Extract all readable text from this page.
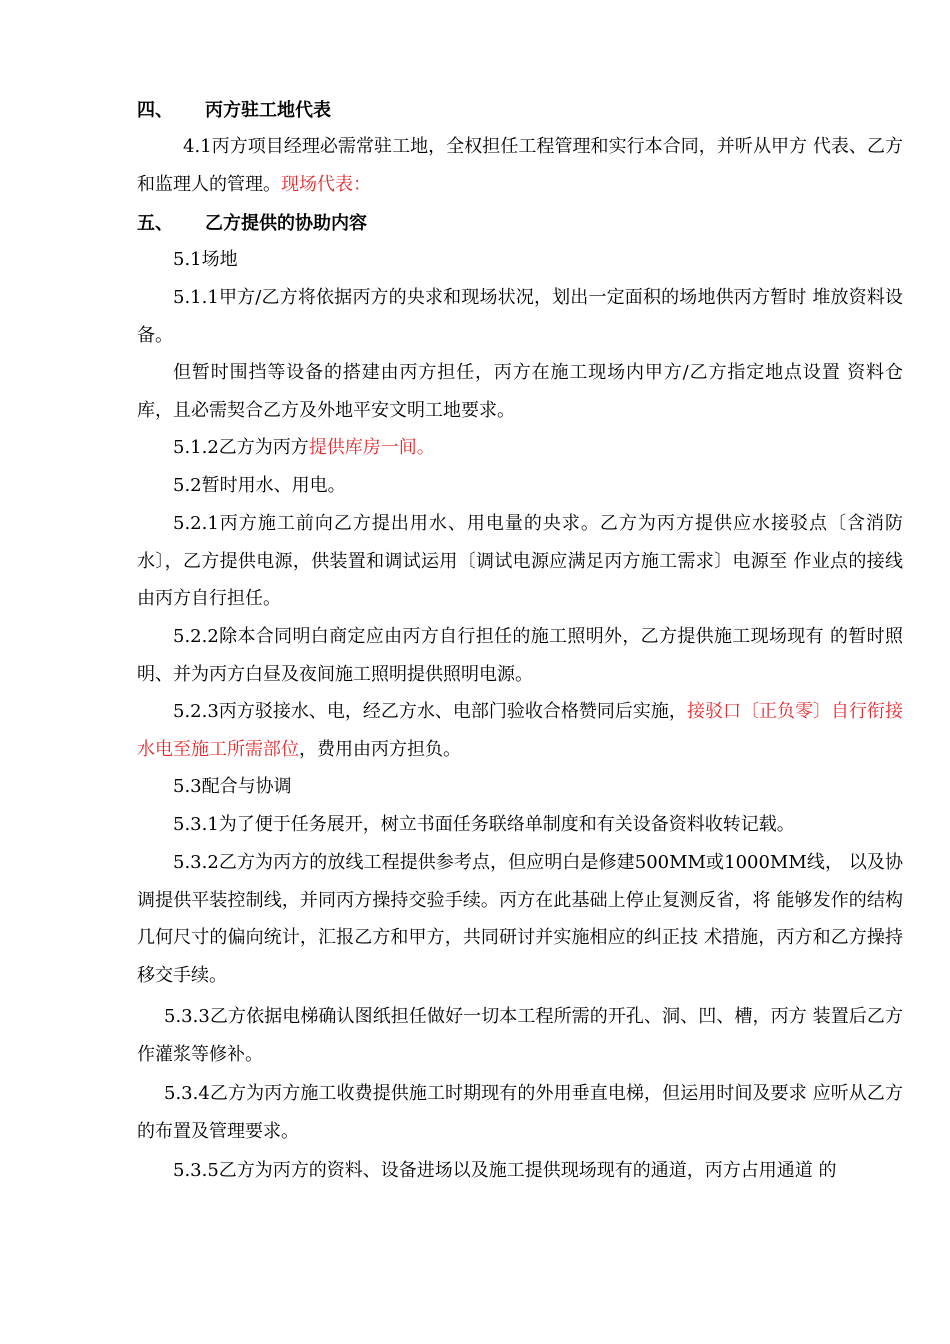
四、 丙方驻工地代表

4.1丙方项目经理必需常驻工地，全权担任工程管理和实行本合同，并听从甲方 代表、乙方和监理人的管理。现场代表：

五、 乙方提供的协助内容

5.1场地

5.1.1甲方/乙方将依据丙方的央求和现场状况，划出一定面积的场地供丙方暂时 堆放资料设备。

但暂时围挡等设备的搭建由丙方担任，丙方在施工现场内甲方/乙方指定地点设置 资料仓库，且必需契合乙方及外地平安文明工地要求。

5.1.2乙方为丙方提供库房一间。

5.2暂时用水、用电。

5.2.1丙方施工前向乙方提出用水、用电量的央求。乙方为丙方提供应水接驳点〔含消防水〕，乙方提供电源，供装置和调试运用〔调试电源应满足丙方施工需求〕电源至 作业点的接线由丙方自行担任。

5.2.2除本合同明白商定应由丙方自行担任的施工照明外，乙方提供施工现场现有 的暂时照明、并为丙方白昼及夜间施工照明提供照明电源。

5.2.3丙方驳接水、电，经乙方水、电部门验收合格赞同后实施，接驳口〔正负零〕自行衔接水电至施工所需部位，费用由丙方担负。

5.3配合与协调

5.3.1为了便于任务展开，树立书面任务联络单制度和有关设备资料收转记载。

5.3.2乙方为丙方的放线工程提供参考点，但应明白是修建500MM或1000MM线， 以及协调提供平装控制线，并同丙方操持交验手续。丙方在此基础上停止复测反省，将 能够发作的结构几何尺寸的偏向统计，汇报乙方和甲方，共同研讨并实施相应的纠正技 术措施，丙方和乙方操持移交手续。

5.3.3乙方依据电梯确认图纸担任做好一切本工程所需的开孔、洞、凹、槽，丙方 装置后乙方作灌浆等修补。

5.3.4乙方为丙方施工收费提供施工时期现有的外用垂直电梯，但运用时间及要求 应听从乙方的布置及管理要求。

5.3.5乙方为丙方的资料、设备进场以及施工提供现场现有的通道，丙方占用通道 的
